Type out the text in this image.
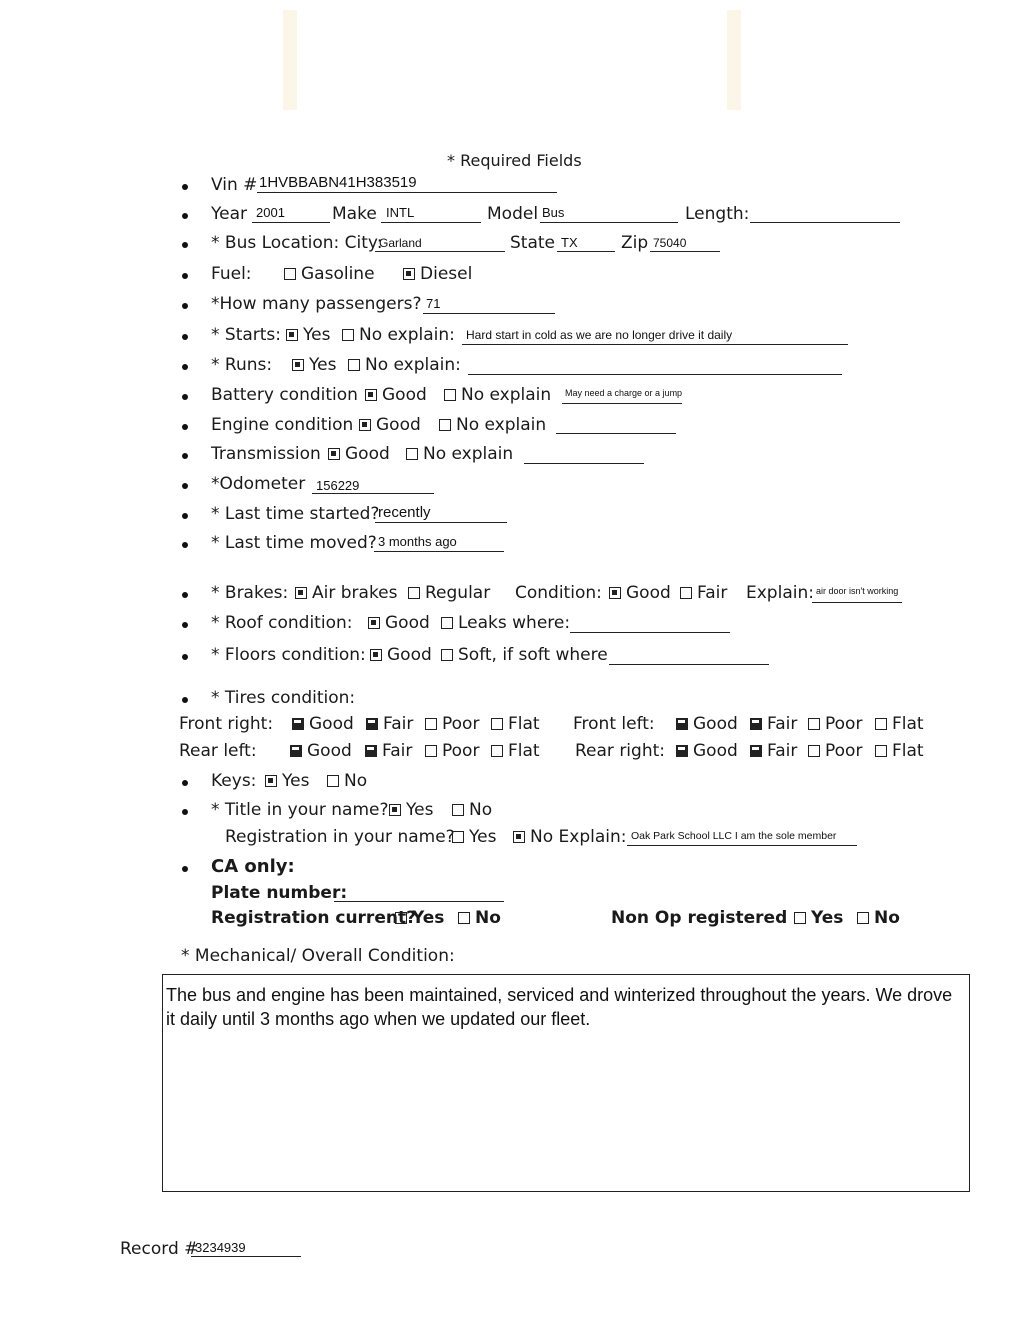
* Required Fields
Vin # 1HVBBABN41H383519
Year 2001	Make INTL	Model Bus	Length:
* Bus Location: City:
Garland	State TX	Zip 75040
Fuel:	Gasoline	Diesel
*How many passengers? 71
* Starts:	Yes	No explain: Hard start in cold as we are no longer drive it daily
* Runs:	Yes	No explain:
Battery condition	Good	No explain May need a charge or a jump
Engine condition	Good	No explain
Transmission	Good	No explain
*Odometer 156229
* Last time started?
recently
* Last time moved? 3 months ago
* Brakes:	Air brakes	Regular Condition:	Good	Fair Explain: air door isn't working
* Roof condition:	Good	Leaks where:
* Floors condition:	Good	Soft, if soft where
* Tires condition:
Front right:	Good	Fair	Poor	Flat Front left:	Good	Fair	Poor	Flat
Rear left:	Good	Fair	Poor	Flat Rear right:	Good	Fair	Poor	Flat
Keys:	Yes	No
* Title in your name?	Yes	No
Registration in your name? Yes	No Explain: Oak Park School LLC I am the sole member
CA only:
Plate number:
Registration current?
Yes	No	Non Op registered	Yes	No
* Mechanical/ Overall Condition:
The bus and engine has been maintained, serviced and winterized throughout the years. We drove it daily until 3 months ago when we updated our fleet.
Record #
3234939
